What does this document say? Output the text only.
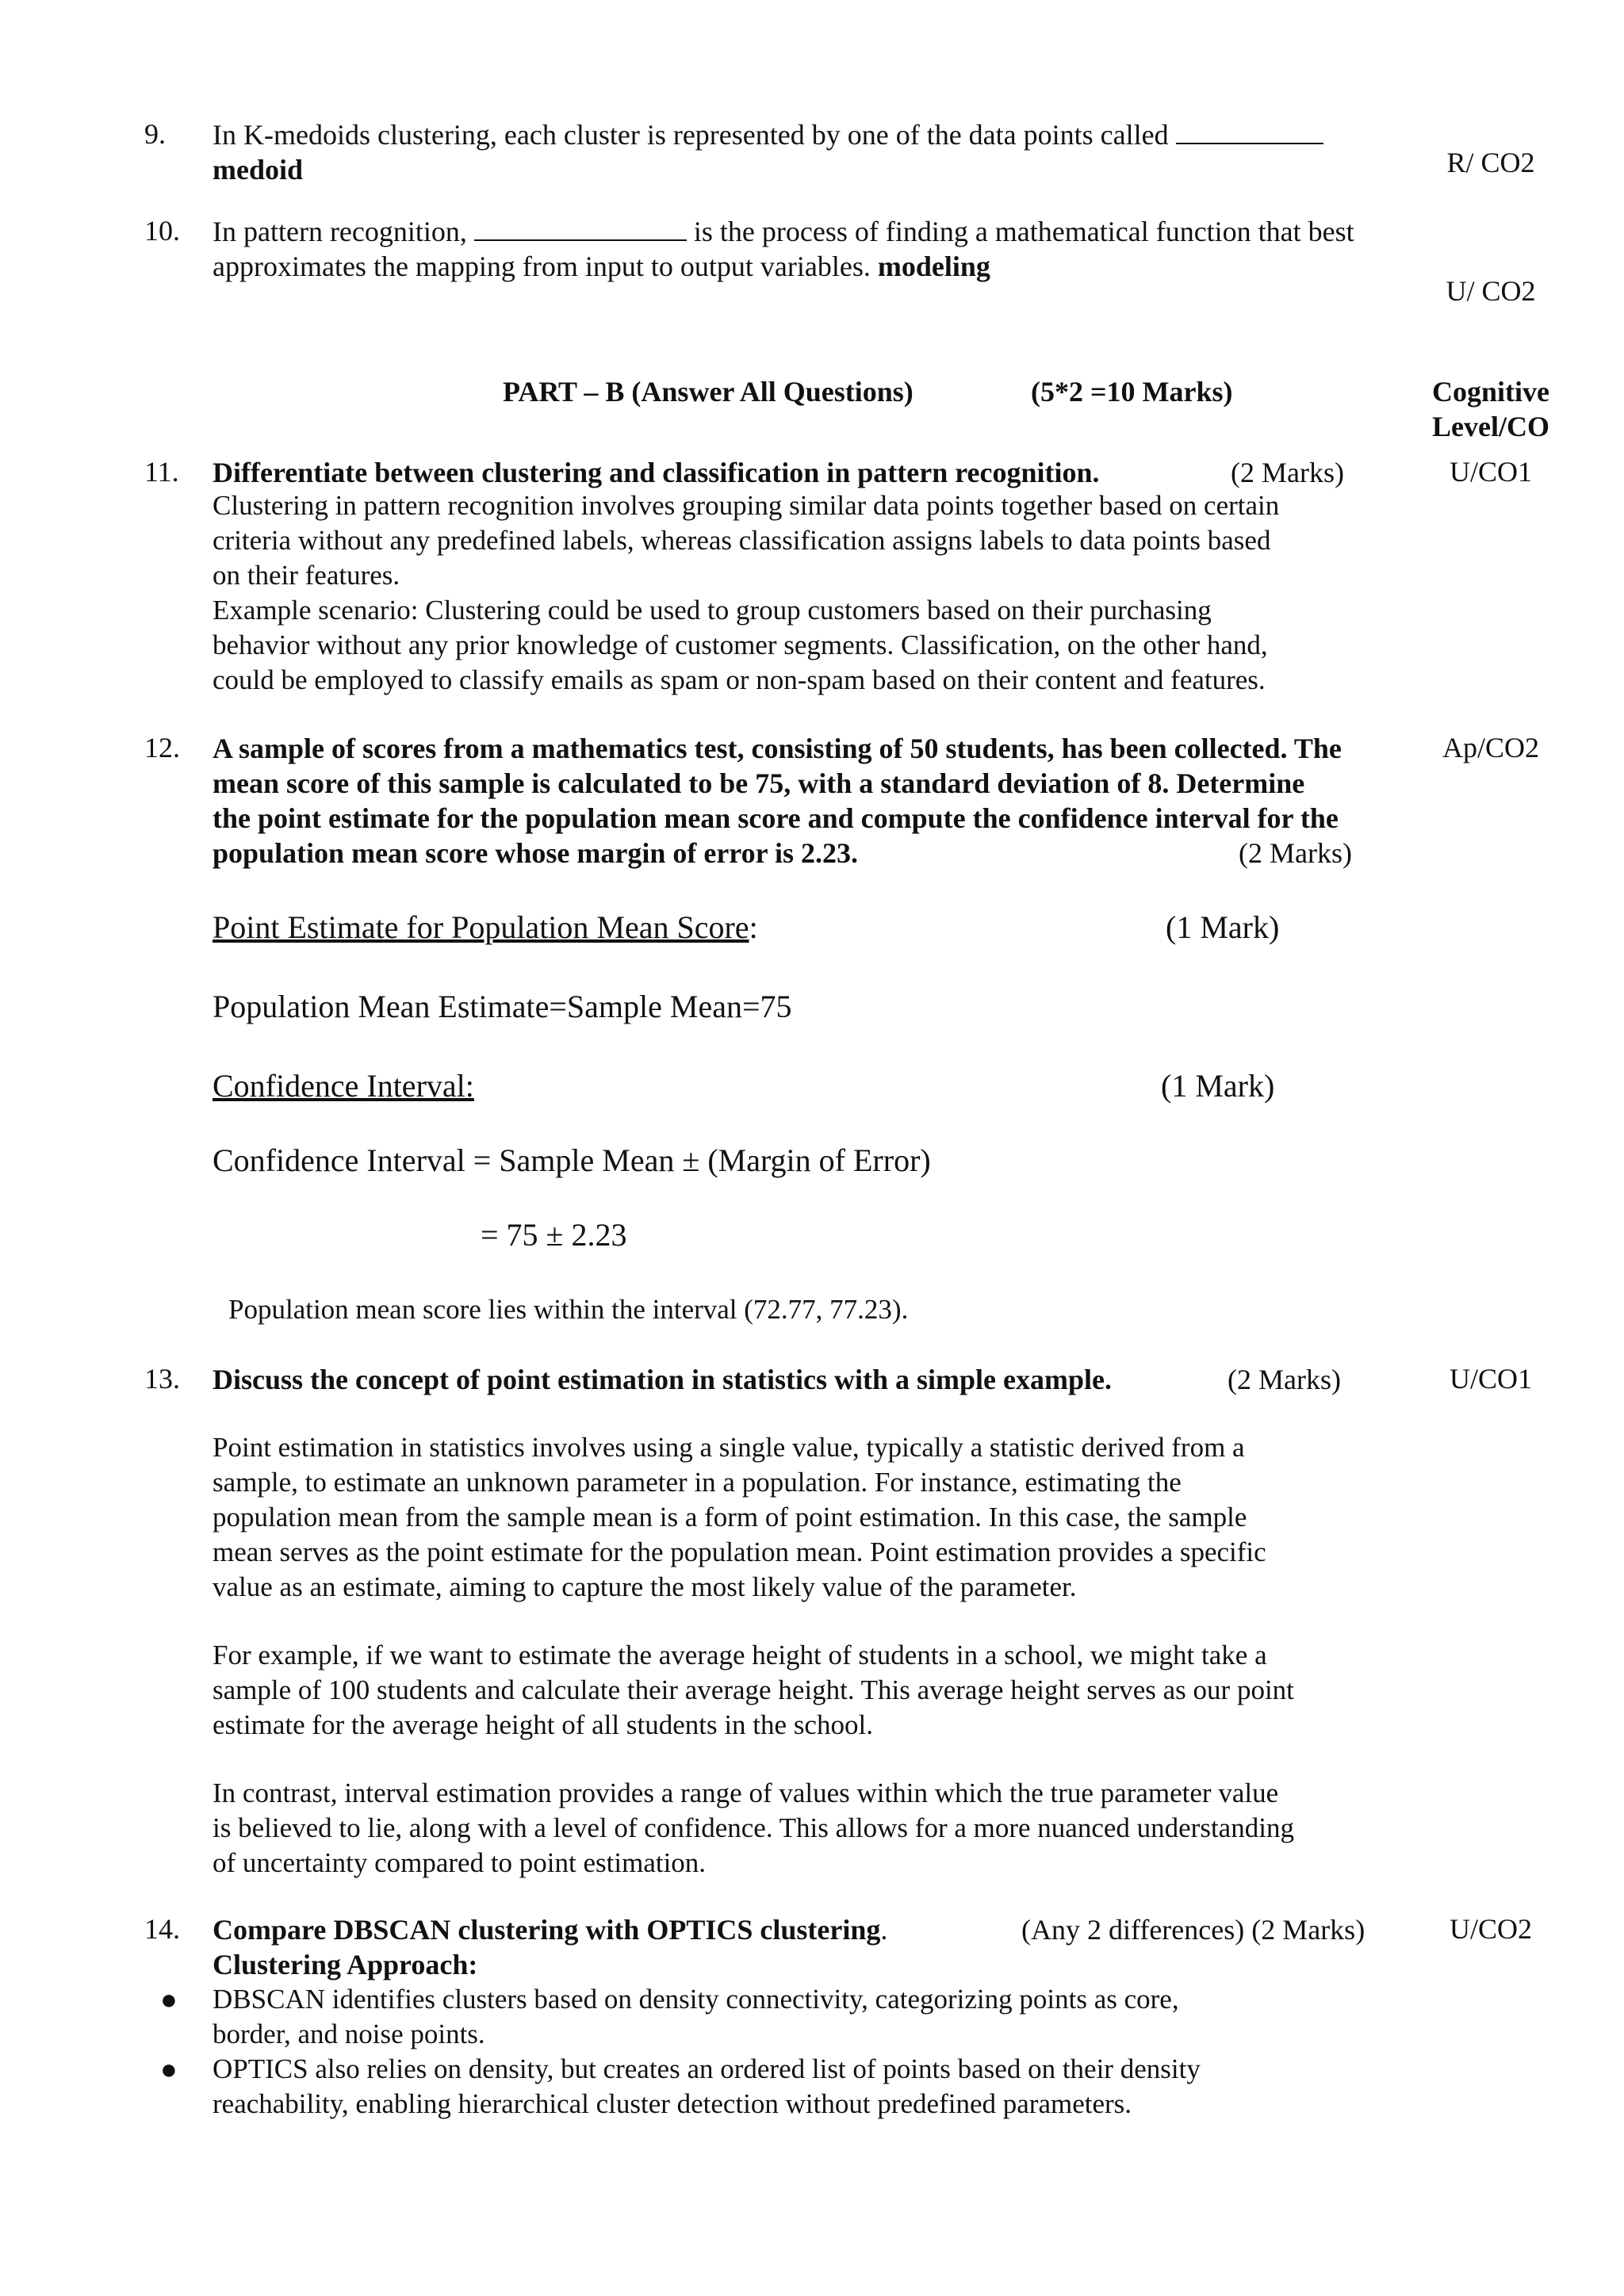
9. In K-medoids clustering, each cluster is represented by one of the data points called
medoid	R/ CO2
10. In pattern recognition,	is the process of finding a mathematical function that best
approximates the mapping from input to output variables. modeling
U/ CO2
PART – B (Answer All Questions)	(5*2 =10 Marks)	Cognitive
Level/CO
11. Differentiate between clustering and classification in pattern recognition.	(2 Marks)	U/CO1
Clustering in pattern recognition involves grouping similar data points together based on certain
criteria without any predefined labels, whereas classification assigns labels to data points based
on their features.
Example scenario: Clustering could be used to group customers based on their purchasing
behavior without any prior knowledge of customer segments. Classification, on the other hand,
could be employed to classify emails as spam or non-spam based on their content and features.
12.	Ap/CO2
A sample of scores from a mathematics test, consisting of 50 students, has been collected. The
mean score of this sample is calculated to be 75, with a standard deviation of 8. Determine
the point estimate for the population mean score and compute the confidence interval for the
population mean score whose margin of error is 2.23.	(2 Marks)
Point Estimate for Population Mean Score:	(1 Mark)
Population Mean Estimate=Sample Mean=75
Confidence Interval:	(1 Mark)
Confidence Interval = Sample Mean ± (Margin of Error)
= 75 ± 2.23
Population mean score lies within the interval (72.77, 77.23).
13. Discuss the concept of point estimation in statistics with a simple example.	(2 Marks)	U/CO1
Point estimation in statistics involves using a single value, typically a statistic derived from a
sample, to estimate an unknown parameter in a population. For instance, estimating the
population mean from the sample mean is a form of point estimation. In this case, the sample
mean serves as the point estimate for the population mean. Point estimation provides a specific
value as an estimate, aiming to capture the most likely value of the parameter.
For example, if we want to estimate the average height of students in a school, we might take a
sample of 100 students and calculate their average height. This average height serves as our point
estimate for the average height of all students in the school.
In contrast, interval estimation provides a range of values within which the true parameter value
is believed to lie, along with a level of confidence. This allows for a more nuanced understanding
of uncertainty compared to point estimation.
14. Compare DBSCAN clustering with OPTICS clustering.	(Any 2 differences) (2 Marks)	U/CO2
Clustering Approach:
● DBSCAN identifies clusters based on density connectivity, categorizing points as core,
border, and noise points.
● OPTICS also relies on density, but creates an ordered list of points based on their density
reachability, enabling hierarchical cluster detection without predefined parameters.
